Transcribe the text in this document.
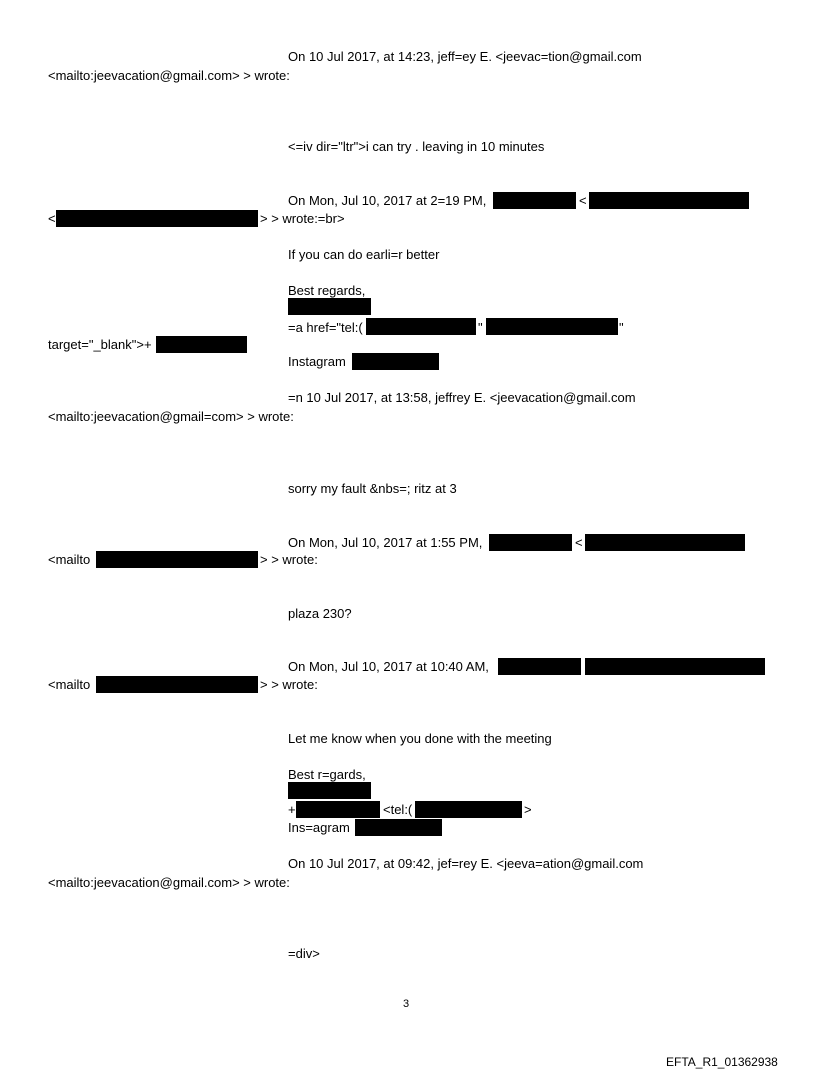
On 10 Jul 2017, at 14:23, jeff=ey E. <jeevac=tion@gmail.com
<mailto:jeevacation@gmail.com> > wrote:
<=iv dir="ltr">i can try . leaving in 10 minutes
On Mon, Jul 10, 2017 at 2=19 PM,	<
<	> > wrote:=br>
If you can do earli=r better
Best regards,
=a href="tel:(	"	"
target="_blank">+
Instagram
=n 10 Jul 2017, at 13:58, jeffrey E. <jeevacation@gmail.com
<mailto:jeevacation@gmail=com> > wrote:
sorry my fault &nbs=; ritz at 3
On Mon, Jul 10, 2017 at 1:55 PM,	<
<mailto	> > wrote:
plaza 230?
On Mon, Jul 10, 2017 at 10:40 AM,
<mailto	> > wrote:
Let me know when you done with the meeting
Best r=gards,
+	<tel:(	>
Ins=agram
On 10 Jul 2017, at 09:42, jef=rey E. <jeeva=ation@gmail.com
<mailto:jeevacation@gmail.com> > wrote:
=div>
3
EFTA_R1_01362938
